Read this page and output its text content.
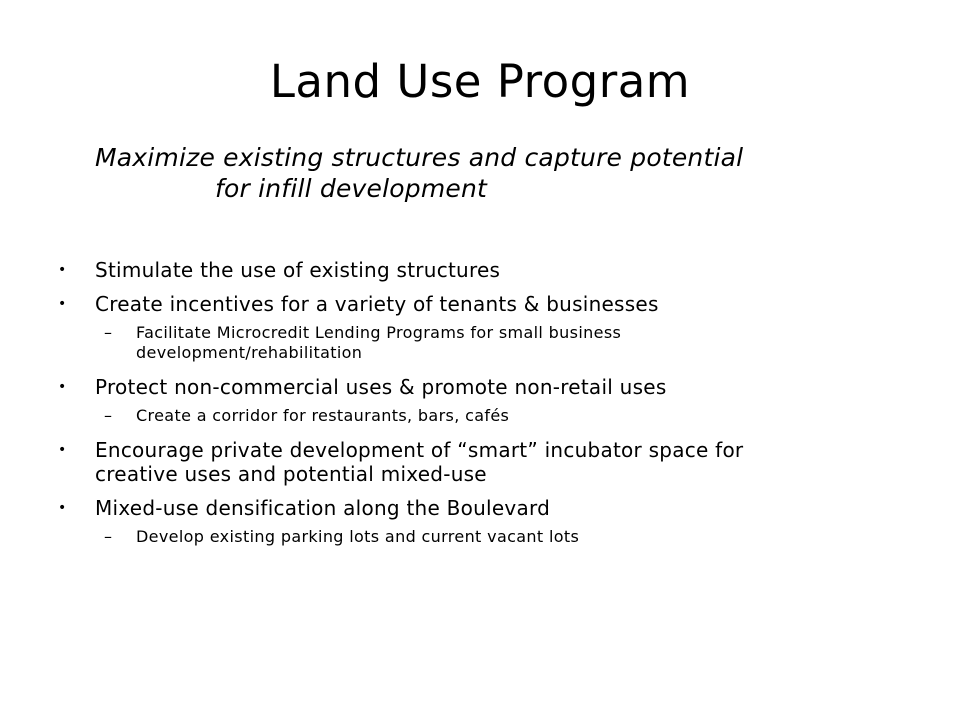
Land Use Program
Maximize existing structures and capture potential
for infill development
• Stimulate the use of existing structures
• Create incentives for a variety of tenants & businesses
–	Facilitate Microcredit Lending Programs for small business
development/rehabilitation
• Protect non-commercial uses & promote non-retail uses
–	Create a corridor for restaurants, bars, cafés
• Encourage private development of “smart” incubator space for
creative uses and potential mixed-use
• Mixed-use densification along the Boulevard
–	Develop existing parking lots and current vacant lots
